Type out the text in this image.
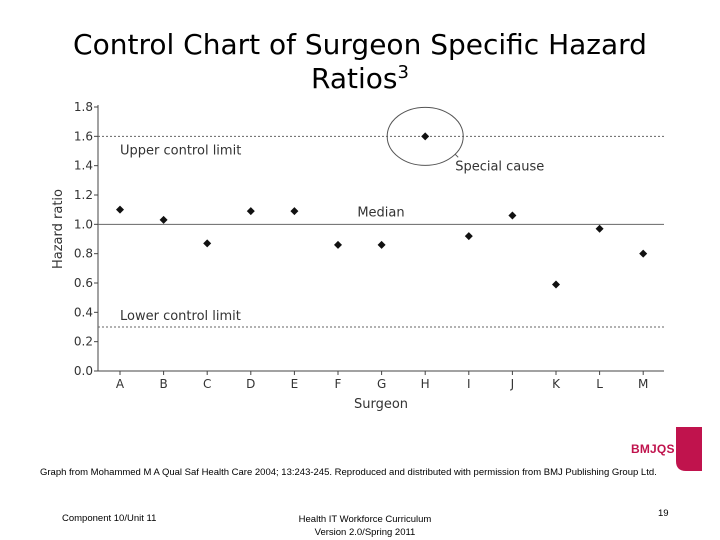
Control Chart of Surgeon Specific Hazard Ratios$^3$
0.0
0.2
0.4
0.6
0.8
1.0
1.2
1.4
1.6
1.8
A	B	C	D	E	F	G	H	I	J	K	L	M
Surgeon
Hazard ratio
Upper control limit
Median
Lower control limit
Special cause
Graph from Mohammed M A Qual Saf Health Care 2004; 13:243-245. Reproduced and distributed with permission from BMJ Publishing Group Ltd.
BMJQS
Component 10/Unit 11	Health IT Workforce Curriculum
Version 2.0/Spring 2011
19
